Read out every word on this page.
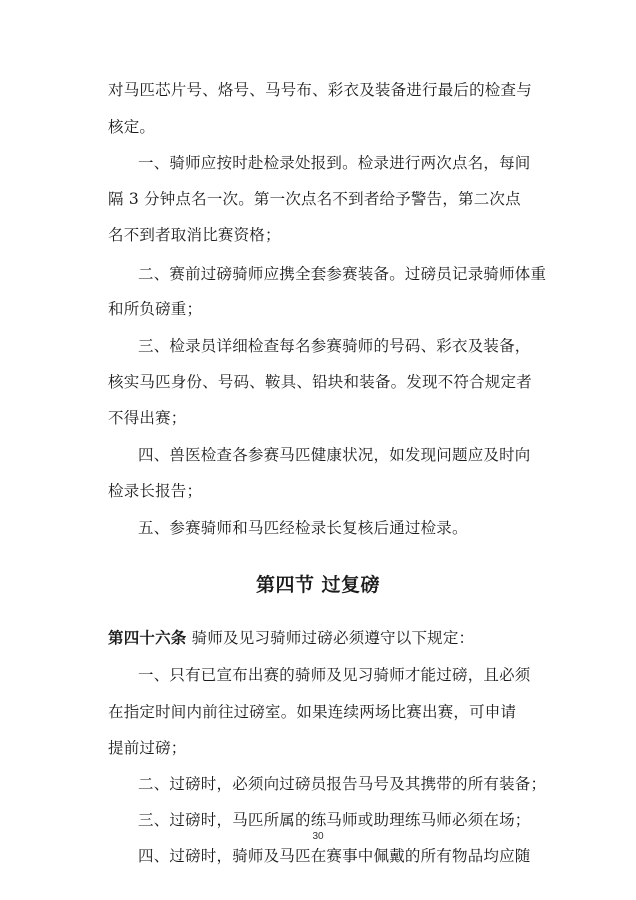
对马匹芯片号、烙号、马号布、彩衣及装备进行最后的检查与
核定。
一、骑师应按时赴检录处报到。检录进行两次点名，每间
隔 3 分钟点名一次。第一次点名不到者给予警告，第二次点
名不到者取消比赛资格；
二、赛前过磅骑师应携全套参赛装备。过磅员记录骑师体重
和所负磅重；
三、检录员详细检查每名参赛骑师的号码、彩衣及装备，
核实马匹身份、号码、鞍具、铅块和装备。发现不符合规定者
不得出赛；
四、兽医检查各参赛马匹健康状况，如发现问题应及时向
检录长报告；
五、参赛骑师和马匹经检录长复核后通过检录。
第四节 过复磅
第四十六条 骑师及见习骑师过磅必须遵守以下规定：
一、只有已宣布出赛的骑师及见习骑师才能过磅，且必须
在指定时间内前往过磅室。如果连续两场比赛出赛，可申请
提前过磅；
二、过磅时，必须向过磅员报告马号及其携带的所有装备；
三、过磅时，马匹所属的练马师或助理练马师必须在场；
四、过磅时，骑师及马匹在赛事中佩戴的所有物品均应随
30
